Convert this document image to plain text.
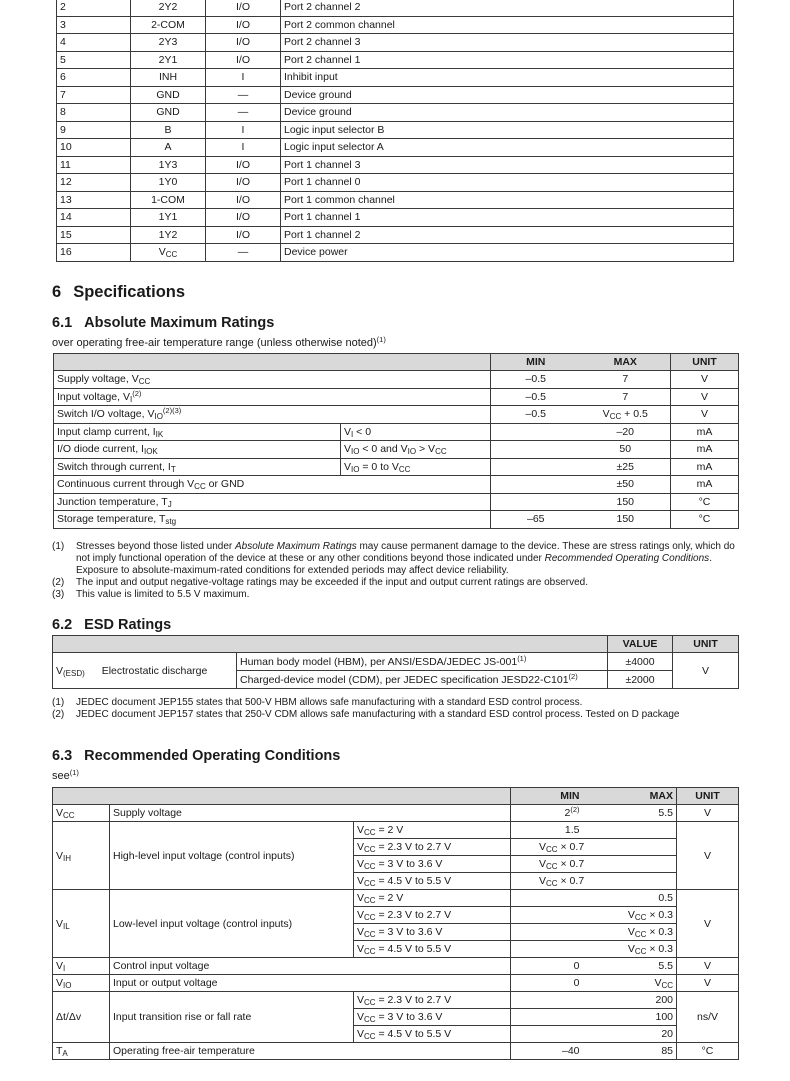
2	2Y2	I/O	Port 2 channel 2
3	2-COM	I/O	Port 2 common channel
4	2Y3	I/O	Port 2 channel 3
5	2Y1	I/O	Port 2 channel 1
6	INH	I	Inhibit input
7	GND	—	Device ground
8	GND	—	Device ground
9	B	I	Logic input selector B
10	A	I	Logic input selector A
11	1Y3	I/O	Port 1 channel 3
12	1Y0	I/O	Port 1 channel 0
13	1-COM	I/O	Port 1 common channel
14	1Y1	I/O	Port 1 channel 1
15	1Y2	I/O	Port 1 channel 2
16	$V_{CC}$	—	Device power
6 Specifications
6.1 Absolute Maximum Ratings
over operating free-air temperature range (unless otherwise noted)$^{(1)}$
		MIN	MAX	UNIT
Supply voltage, $V_{CC}$		–0.5	7	V
Input voltage, $V_I^{(2)}$		–0.5	7	V
Switch I/O voltage, $V_{IO}^{(2)(3)}$		–0.5	$V_{CC} + 0.5$	V
Input clamp current, $I_{IK}$	$V_I < 0$		–20	mA
I/O diode current, $I_{IOK}$	$V_{IO} < 0$ and $V_{IO} > V_{CC}$		50	mA
Switch through current, $I_T$	$V_{IO} = 0$ to $V_{CC}$		±25	mA
Continuous current through $V_{CC}$ or GND			±50	mA
Junction temperature, $T_J$			150	°C
Storage temperature, $T_{stg}$		–65	150	°C
(1)	Stresses beyond those listed under Absolute Maximum Ratings may cause permanent damage to the device. These are stress ratings only, which do not imply functional operation of the device at these or any other conditions beyond those indicated under Recommended Operating Conditions. Exposure to absolute-maximum-rated conditions for extended periods may affect device reliability.
(2)	The input and output negative-voltage ratings may be exceeded if the input and output current ratings are observed.
(3)	This value is limited to 5.5 V maximum.
6.2 ESD Ratings
		VALUE	UNIT
$V_{(ESD)}$ Electrostatic discharge	Human body model (HBM), per ANSI/ESDA/JEDEC $JS-001^{(1)}$	±4000	V
	Charged-device model (CDM), per JEDEC specification $JESD22-C101^{(2)}$	±2000	
(1)	JEDEC document JEP155 states that 500-V HBM allows safe manufacturing with a standard ESD control process.
(2)	JEDEC document JEP157 states that 250-V CDM allows safe manufacturing with a standard ESD control process. Tested on D package
6.3 Recommended Operating Conditions
see$^{(1)}$
			MIN	MAX	UNIT
$V_{CC}$	Supply voltage		2$^{(2)}$	5.5	V
$V_{IH}$	High-level input voltage (control inputs)	$V_{CC} = 2$ V	1.5		V
		$V_{CC} = 2.3$ V to 2.7 V	$V_{CC} \times 0.7$		
		$V_{CC} = 3$ V to 3.6 V	$V_{CC} \times 0.7$		
		$V_{CC} = 4.5$ V to 5.5 V	$V_{CC} \times 0.7$		
$V_{IL}$	Low-level input voltage (control inputs)	$V_{CC} = 2$ V		0.5	V
		$V_{CC} = 2.3$ V to 2.7 V		$V_{CC} \times 0.3$	
		$V_{CC} = 3$ V to 3.6 V		$V_{CC} \times 0.3$	
		$V_{CC} = 4.5$ V to 5.5 V		$V_{CC} \times 0.3$	
$V_I$	Control input voltage		0	5.5	V
$V_{IO}$	Input or output voltage		0	$V_{CC}$	V
Δt/Δv	Input transition rise or fall rate	$V_{CC} = 2.3$ V to 2.7 V		200	ns/V
		$V_{CC} = 3$ V to 3.6 V		100	
		$V_{CC} = 4.5$ V to 5.5 V		20	
$T_A$	Operating free-air temperature		–40	85	°C
